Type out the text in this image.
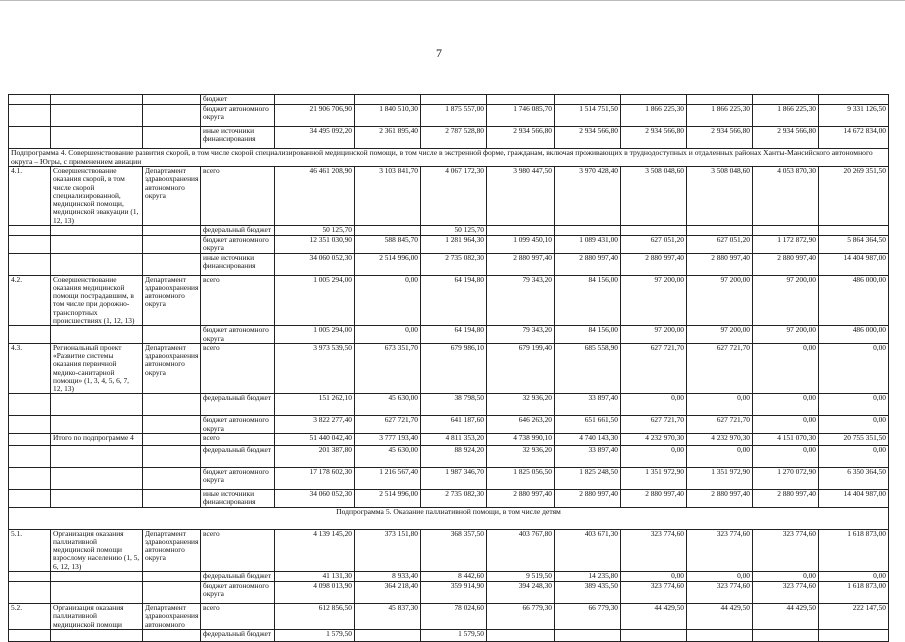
7
			бюджет									
			бюджет автономного округа	21 906 706,90	1 840 510,30	1 875 557,00	1 746 085,70	1 514 751,50	1 866 225,30	1 866 225,30	1 866 225,30	9 331 126,50
			иные источники финансирования	34 495 092,20	2 361 895,40	2 787 528,80	2 934 566,80	2 934 566,80	2 934 566,80	2 934 566,80	2 934 566,80	14 672 834,00
Подпрограмма 4. Совершенствование развития скорой, в том числе скорой специализированной медицинской помощи, в том числе в экстренной форме, гражданам, включая проживающих в труднодоступных и отдаленных районах Ханты-Мансийского автономного округа – Югры, с применением авиации												
4.1.	Совершенствование оказания скорой, в том числе скорой специализированной, медицинской помощи, медицинской эвакуации (1, 12, 13)	Департамент здравоохранения автономного округа	всего	46 461 208,90	3 103 841,70	4 067 172,30	3 980 447,50	3 970 428,40	3 508 048,60	3 508 048,60	4 053 870,30	20 269 351,50
			федеральный бюджет	50 125,70		50 125,70						
			бюджет автономного округа	12 351 030,90	588 845,70	1 281 964,30	1 099 450,10	1 089 431,00	627 051,20	627 051,20	1 172 872,90	5 864 364,50
			иные источники финансирования	34 060 052,30	2 514 996,00	2 735 082,30	2 880 997,40	2 880 997,40	2 880 997,40	2 880 997,40	2 880 997,40	14 404 987,00
4.2.	Совершенствование оказания медицинской помощи пострадавшим, в том числе при дорожно-транспортных происшествиях (1, 12, 13)	Департамент здравоохранения автономного округа	всего	1 005 294,00	0,00	64 194,80	79 343,20	84 156,00	97 200,00	97 200,00	97 200,00	486 000,00
			бюджет автономного округа	1 005 294,00	0,00	64 194,80	79 343,20	84 156,00	97 200,00	97 200,00	97 200,00	486 000,00
4.3.	Региональный проект «Развитие системы оказания первичной медико-санитарной помощи» (1, 3, 4, 5, 6, 7, 12, 13)	Департамент здравоохранения автономного округа	всего	3 973 539,50	673 351,70	679 986,10	679 199,40	685 558,90	627 721,70	627 721,70	0,00	0,00
			федеральный бюджет	151 262,10	45 630,00	38 798,50	32 936,20	33 897,40	0,00	0,00	0,00	0,00
			бюджет автономного округа	3 822 277,40	627 721,70	641 187,60	646 263,20	651 661,50	627 721,70	627 721,70	0,00	0,00
	Итого по подпрограмме 4		всего	51 440 042,40	3 777 193,40	4 811 353,20	4 738 990,10	4 740 143,30	4 232 970,30	4 232 970,30	4 151 070,30	20 755 351,50
			федеральный бюджет	201 387,80	45 630,00	88 924,20	32 936,20	33 897,40	0,00	0,00	0,00	0,00
			бюджет автономного округа	17 178 602,30	1 216 567,40	1 987 346,70	1 825 056,50	1 825 248,50	1 351 972,90	1 351 972,90	1 270 072,90	6 350 364,50
			иные источники финансирования	34 060 052,30	2 514 996,00	2 735 082,30	2 880 997,40	2 880 997,40	2 880 997,40	2 880 997,40	2 880 997,40	14 404 987,00
Подпрограмма 5. Оказание паллиативной помощи, в том числе детям												
5.1.	Организация оказания паллиативной медицинской помощи взрослому населению (1, 5, 6, 12, 13)	Департамент здравоохранения автономного округа	всего	4 139 145,20	373 151,80	368 357,50	403 767,80	403 671,30	323 774,60	323 774,60	323 774,60	1 618 873,00
			федеральный бюджет	41 131,30	8 933,40	8 442,60	9 519,50	14 235,80	0,00	0,00	0,00	0,00
			бюджет автономного округа	4 098 013,90	364 218,40	359 914,90	394 248,30	389 435,50	323 774,60	323 774,60	323 774,60	1 618 873,00
5.2.	Организация оказания паллиативной медицинской помощи	Департамент здравоохранения автономного	всего	612 856,50	45 837,30	78 024,60	66 779,30	66 779,30	44 429,50	44 429,50	44 429,50	222 147,50
			федеральный бюджет	1 579,50		1 579,50						
